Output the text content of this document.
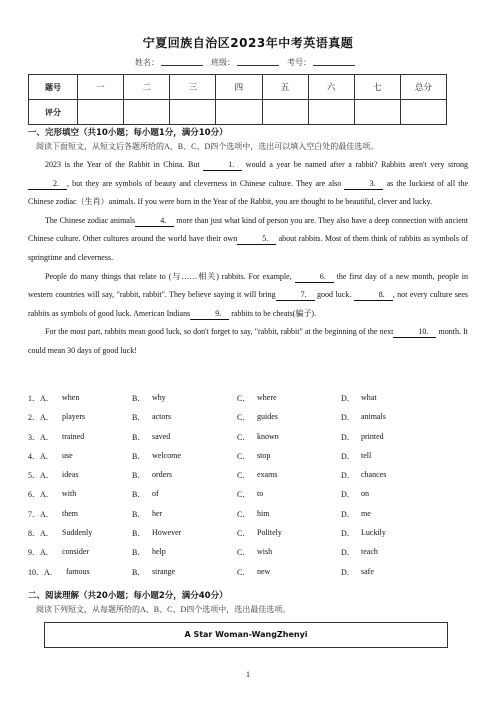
宁夏回族自治区2023年中考英语真题
姓名：	班级：	考号：
题号	一	二	三	四	五	六	七	总分
评分								
一、完形填空（共10小题；每小题1分，满分10分）
阅读下面短文，从短文后各题所给的A、B、C、D四个选项中，选出可以填入空白处的最佳选项。

2023 is the Year of the Rabbit in China. But	1. would a year be named after a rabbit? Rabbits aren't very strong 2. , but they are symbols of beauty and cleverness in Chinese culture. They are also	3. as the luckiest of all the Chinese zodiac（生肖）animals. If you were born in the Year of the Rabbit, you are thought to be beautiful, clever and lucky.

The Chinese zodiac animals	4. more than just what kind of person you are. They also have a deep connection with ancient Chinese culture. Other cultures around the world have their own	5. about rabbits. Most of them think of rabbits as symbols of springtime and cleverness.

People do many things that relate to (与……相关) rabbits. For example,	6. the first day of a new month, people in western countries will say, "rabbit, rabbit". They believe saying it will bring	7. good luck.	8. , not every culture sees rabbits as symbols of good luck. American Indians	9. rabbits to be cheats(骗子).

For the most part, rabbits mean good luck, so don't forget to say, "rabbit, rabbit" at the beginning of the next	10. month. It could mean 30 days of good luck!

1．A． when	B． why	C． where	D． what
2．A． players	B． actors	C． guides	D． animals
3．A． trained	B． saved	C． known	D． printed
4．A． use	B． welcome	C． stop	D． tell
5．A． ideas	B． orders	C． exams	D． chances
6．A． with	B． of	C． to	D． on
7．A． them	B． her	C． him	D． me
8．A． Suddenly	B． However	C． Politely	D． Luckily
9．A． consider	B． help	C． wish	D． teach
10．A． famous	B． strange	C． new	D． safe
二、阅读理解（共20小题；每小题2分，满分40分）
阅读下列短文，从每题所给的A、B、C、D四个选项中，选出最佳选项。
A Star Woman-WangZhenyi
1
